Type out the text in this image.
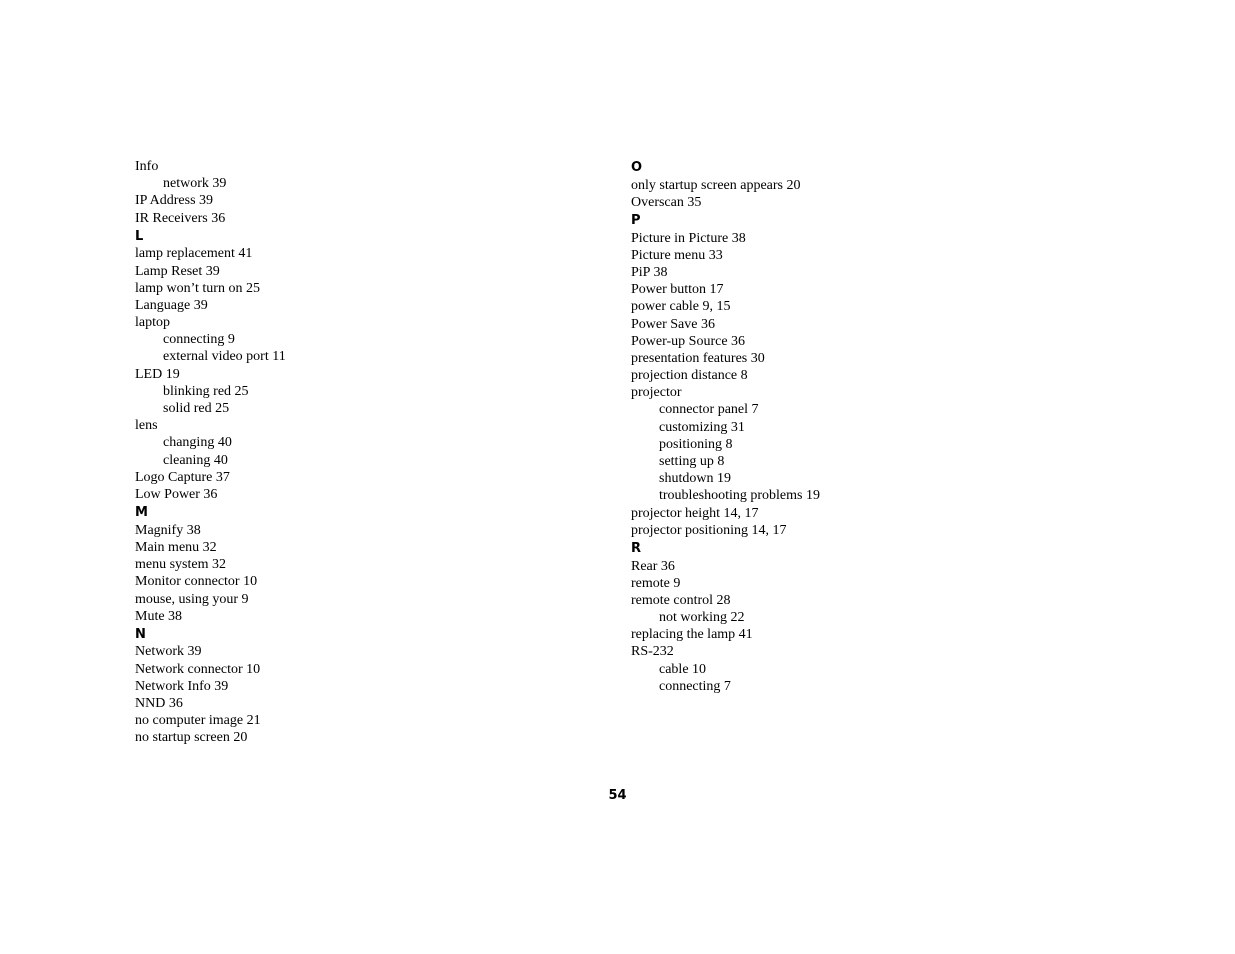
Info
network 39
IP Address 39
IR Receivers 36
L
lamp replacement 41
Lamp Reset 39
lamp won’t turn on 25
Language 39
laptop
connecting 9
external video port 11
LED 19
blinking red 25
solid red 25
lens
changing 40
cleaning 40
Logo Capture 37
Low Power 36
M
Magnify 38
Main menu 32
menu system 32
Monitor connector 10
mouse, using your 9
Mute 38
N
Network 39
Network connector 10
Network Info 39
NND 36
no computer image 21
no startup screen 20
O
only startup screen appears 20
Overscan 35
P
Picture in Picture 38
Picture menu 33
PiP 38
Power button 17
power cable 9, 15
Power Save 36
Power-up Source 36
presentation features 30
projection distance 8
projector
connector panel 7
customizing 31
positioning 8
setting up 8
shutdown 19
troubleshooting problems 19
projector height 14, 17
projector positioning 14, 17
R
Rear 36
remote 9
remote control 28
not working 22
replacing the lamp 41
RS-232
cable 10
connecting 7
54
